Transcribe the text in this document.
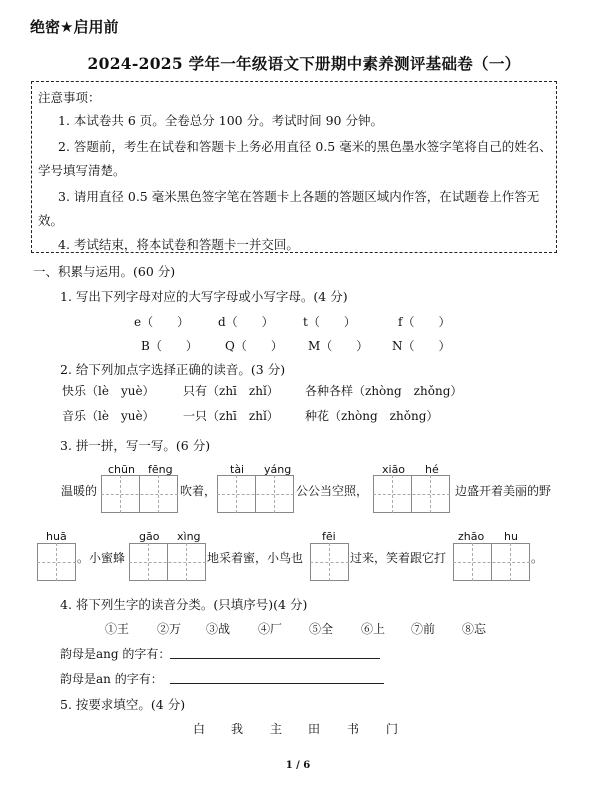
绝密★启用前
2024-2025 学年一年级语文下册期中素养测评基础卷（一）
注意事项：
1. 本试卷共 6 页。全卷总分 100 分。考试时间 90 分钟。
2. 答题前，考生在试卷和答题卡上务必用直径 0.5 毫米的黑色墨水签字笔将自己的姓名、
学号填写清楚。
3. 请用直径 0.5 毫米黑色签字笔在答题卡上各题的答题区域内作答，在试题卷上作答无
效。
4. 考试结束，将本试卷和答题卡一并交回。
一、积累与运用。(60 分)
1. 写出下列字母对应的大写字母或小写字母。(4 分)
e（　　） d（　　） t（　　）	f（　　）
B（　　） Q（　　） M（　　） N（　　）
2. 给下列加点字选择正确的读音。(3 分)
快乐（lè　yuè） 只有（zhī　zhǐ） 各种各样（zhòng　zhǒng）
音乐（lè　yuè） 一只（zhī　zhǐ） 种花（zhòng　zhǒng）
3. 拼一拼，写一写。(6 分)
chūn fēng	tài yáng	xiāo hé
温暖的	吹着，	公公当空照，	边盛开着美丽的野
huā	gāo xìng	fēi	zhāo hu
。小蜜蜂	地采着蜜，小鸟也	过来，笑着跟它打	。
4. 将下列生字的读音分类。(只填序号)(4 分)
①王 ②万 ③战 ④厂 ⑤全 ⑥上 ⑦前 ⑧忘
韵母是ang 的字有：
韵母是an 的字有：
5. 按要求填空。(4 分)
白 我 主 田 书 门
1 / 6
